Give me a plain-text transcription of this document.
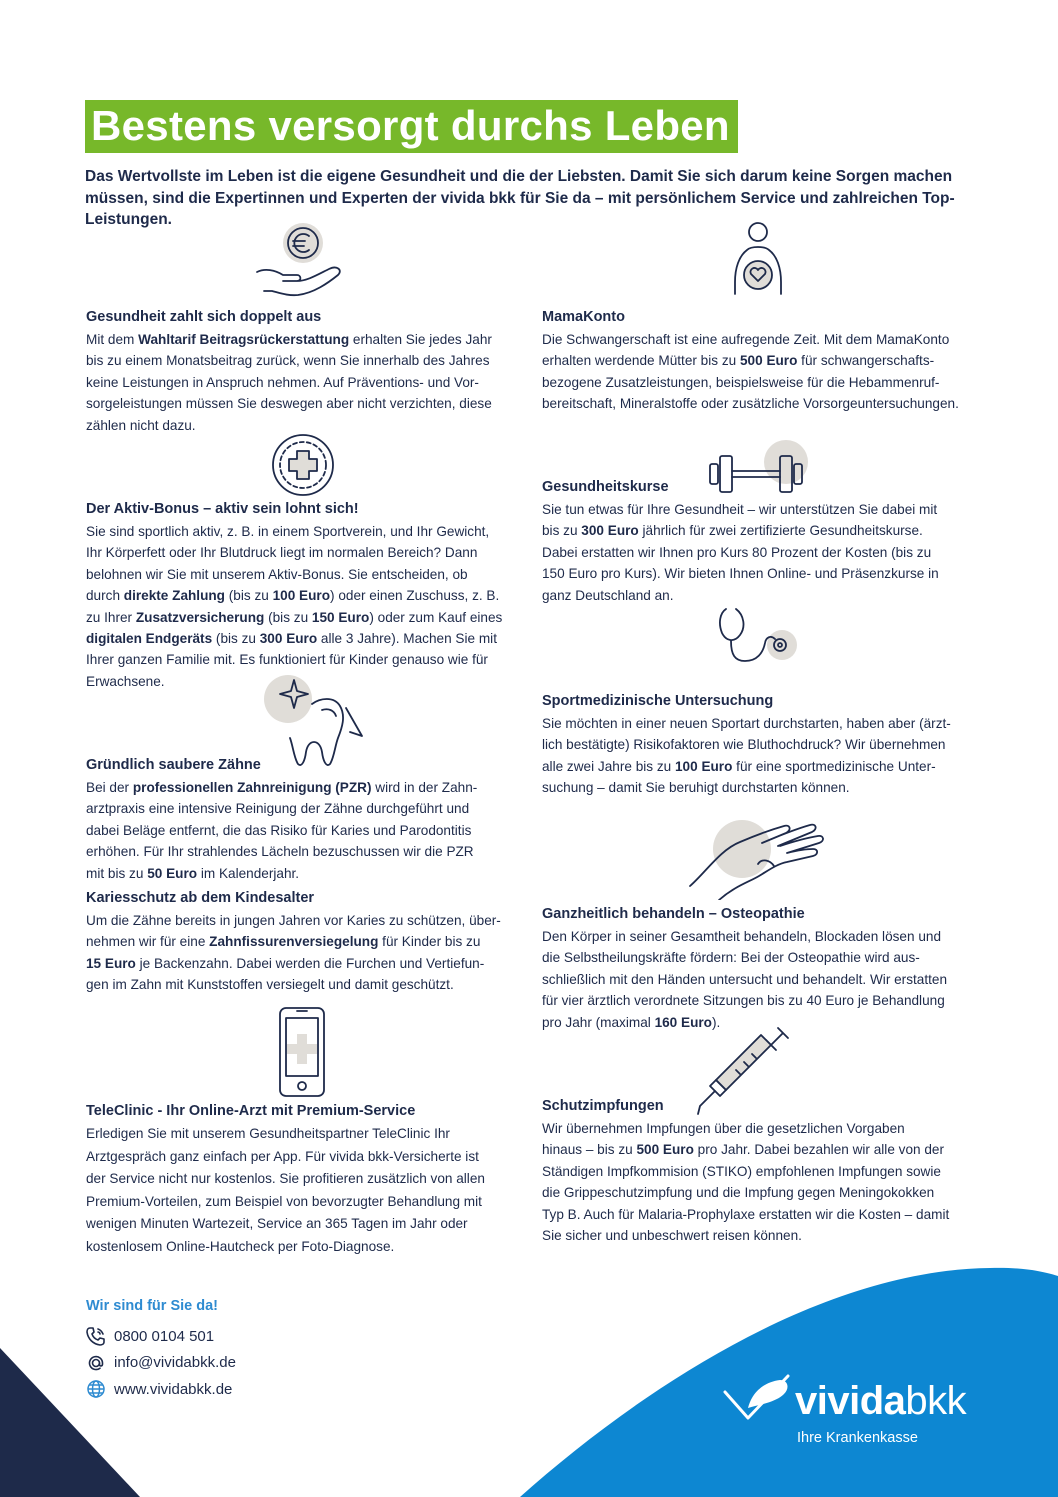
Bestens versorgt durchs Leben
Das Wertvollste im Leben ist die eigene Gesundheit und die der Liebsten. Damit Sie sich darum keine Sorgen machen müssen, sind die Expertinnen und Experten der vivida bkk für Sie da – mit persönlichem Service und zahlreichen Top-Leistungen.
Gesundheit zahlt sich doppelt aus

Mit dem Wahltarif Beitragsrückerstattung erhalten Sie jedes Jahr
bis zu einem Monatsbeitrag zurück, wenn Sie innerhalb des Jahres
keine Leistungen in Anspruch nehmen. Auf Präventions- und Vor-
sorgeleistungen müssen Sie deswegen aber nicht verzichten, diese
zählen nicht dazu.

Der Aktiv-Bonus – aktiv sein lohnt sich!

Sie sind sportlich aktiv, z. B. in einem Sportverein, und Ihr Gewicht,
Ihr Körperfett oder Ihr Blutdruck liegt im normalen Bereich? Dann
belohnen wir Sie mit unserem Aktiv-Bonus. Sie entscheiden, ob
durch direkte Zahlung (bis zu 100 Euro) oder einen Zuschuss, z. B.
zu Ihrer Zusatzversicherung (bis zu 150 Euro) oder zum Kauf eines
digitalen Endgeräts (bis zu 300 Euro alle 3 Jahre). Machen Sie mit
Ihrer ganzen Familie mit. Es funktioniert für Kinder genauso wie für
Erwachsene.

Gründlich saubere Zähne

Bei der professionellen Zahnreinigung (PZR) wird in der Zahn-
arztpraxis eine intensive Reinigung der Zähne durchgeführt und
dabei Beläge entfernt, die das Risiko für Karies und Parodontitis
erhöhen. Für Ihr strahlendes Lächeln bezuschussen wir die PZR
mit bis zu 50 Euro im Kalenderjahr.

Kariesschutz ab dem Kindesalter

Um die Zähne bereits in jungen Jahren vor Karies zu schützen, über-
nehmen wir für eine Zahnfissurenversiegelung für Kinder bis zu
15 Euro je Backenzahn. Dabei werden die Furchen und Vertiefun-
gen im Zahn mit Kunststoffen versiegelt und damit geschützt.

TeleClinic - Ihr Online-Arzt mit Premium-Service

Erledigen Sie mit unserem Gesundheitspartner TeleClinic Ihr
Arztgespräch ganz einfach per App. Für vivida bkk-Versicherte ist
der Service nicht nur kostenlos. Sie profitieren zusätzlich von allen
Premium-Vorteilen, zum Beispiel von bevorzugter Behandlung mit
wenigen Minuten Wartezeit, Service an 365 Tagen im Jahr oder
kostenlosem Online-Hautcheck per Foto-Diagnose.

MamaKonto

Die Schwangerschaft ist eine aufregende Zeit. Mit dem MamaKonto
erhalten werdende Mütter bis zu 500 Euro für schwangerschafts-
bezogene Zusatzleistungen, beispielsweise für die Hebammenruf-
bereitschaft, Mineralstoffe oder zusätzliche Vorsorgeuntersuchungen.

Gesundheitskurse

Sie tun etwas für Ihre Gesundheit – wir unterstützen Sie dabei mit
bis zu 300 Euro jährlich für zwei zertifizierte Gesundheitskurse.
Dabei erstatten wir Ihnen pro Kurs 80 Prozent der Kosten (bis zu
150 Euro pro Kurs). Wir bieten Ihnen Online- und Präsenzkurse in
ganz Deutschland an.

Sportmedizinische Untersuchung

Sie möchten in einer neuen Sportart durchstarten, haben aber (ärzt-
lich bestätigte) Risikofaktoren wie Bluthochdruck? Wir übernehmen
alle zwei Jahre bis zu 100 Euro für eine sportmedizinische Unter-
suchung – damit Sie beruhigt durchstarten können.

Ganzheitlich behandeln – Osteopathie

Den Körper in seiner Gesamtheit behandeln, Blockaden lösen und
die Selbstheilungskräfte fördern: Bei der Osteopathie wird aus-
schließlich mit den Händen untersucht und behandelt. Wir erstatten
für vier ärztlich verordnete Sitzungen bis zu 40 Euro je Behandlung
pro Jahr (maximal 160 Euro).

Schutzimpfungen

Wir übernehmen Impfungen über die gesetzlichen Vorgaben
hinaus – bis zu 500 Euro pro Jahr. Dabei bezahlen wir alle von der
Ständigen Impfkommision (STIKO) empfohlenen Impfungen sowie
die Grippeschutzimpfung und die Impfung gegen Meningokokken
Typ B. Auch für Malaria-Prophylaxe erstatten wir die Kosten – damit
Sie sicher und unbeschwert reisen können.

Wir sind für Sie da!
0800 0104 501
info@vividabkk.de
www.vividabkk.de	vividabkk
Ihre Krankenkasse
